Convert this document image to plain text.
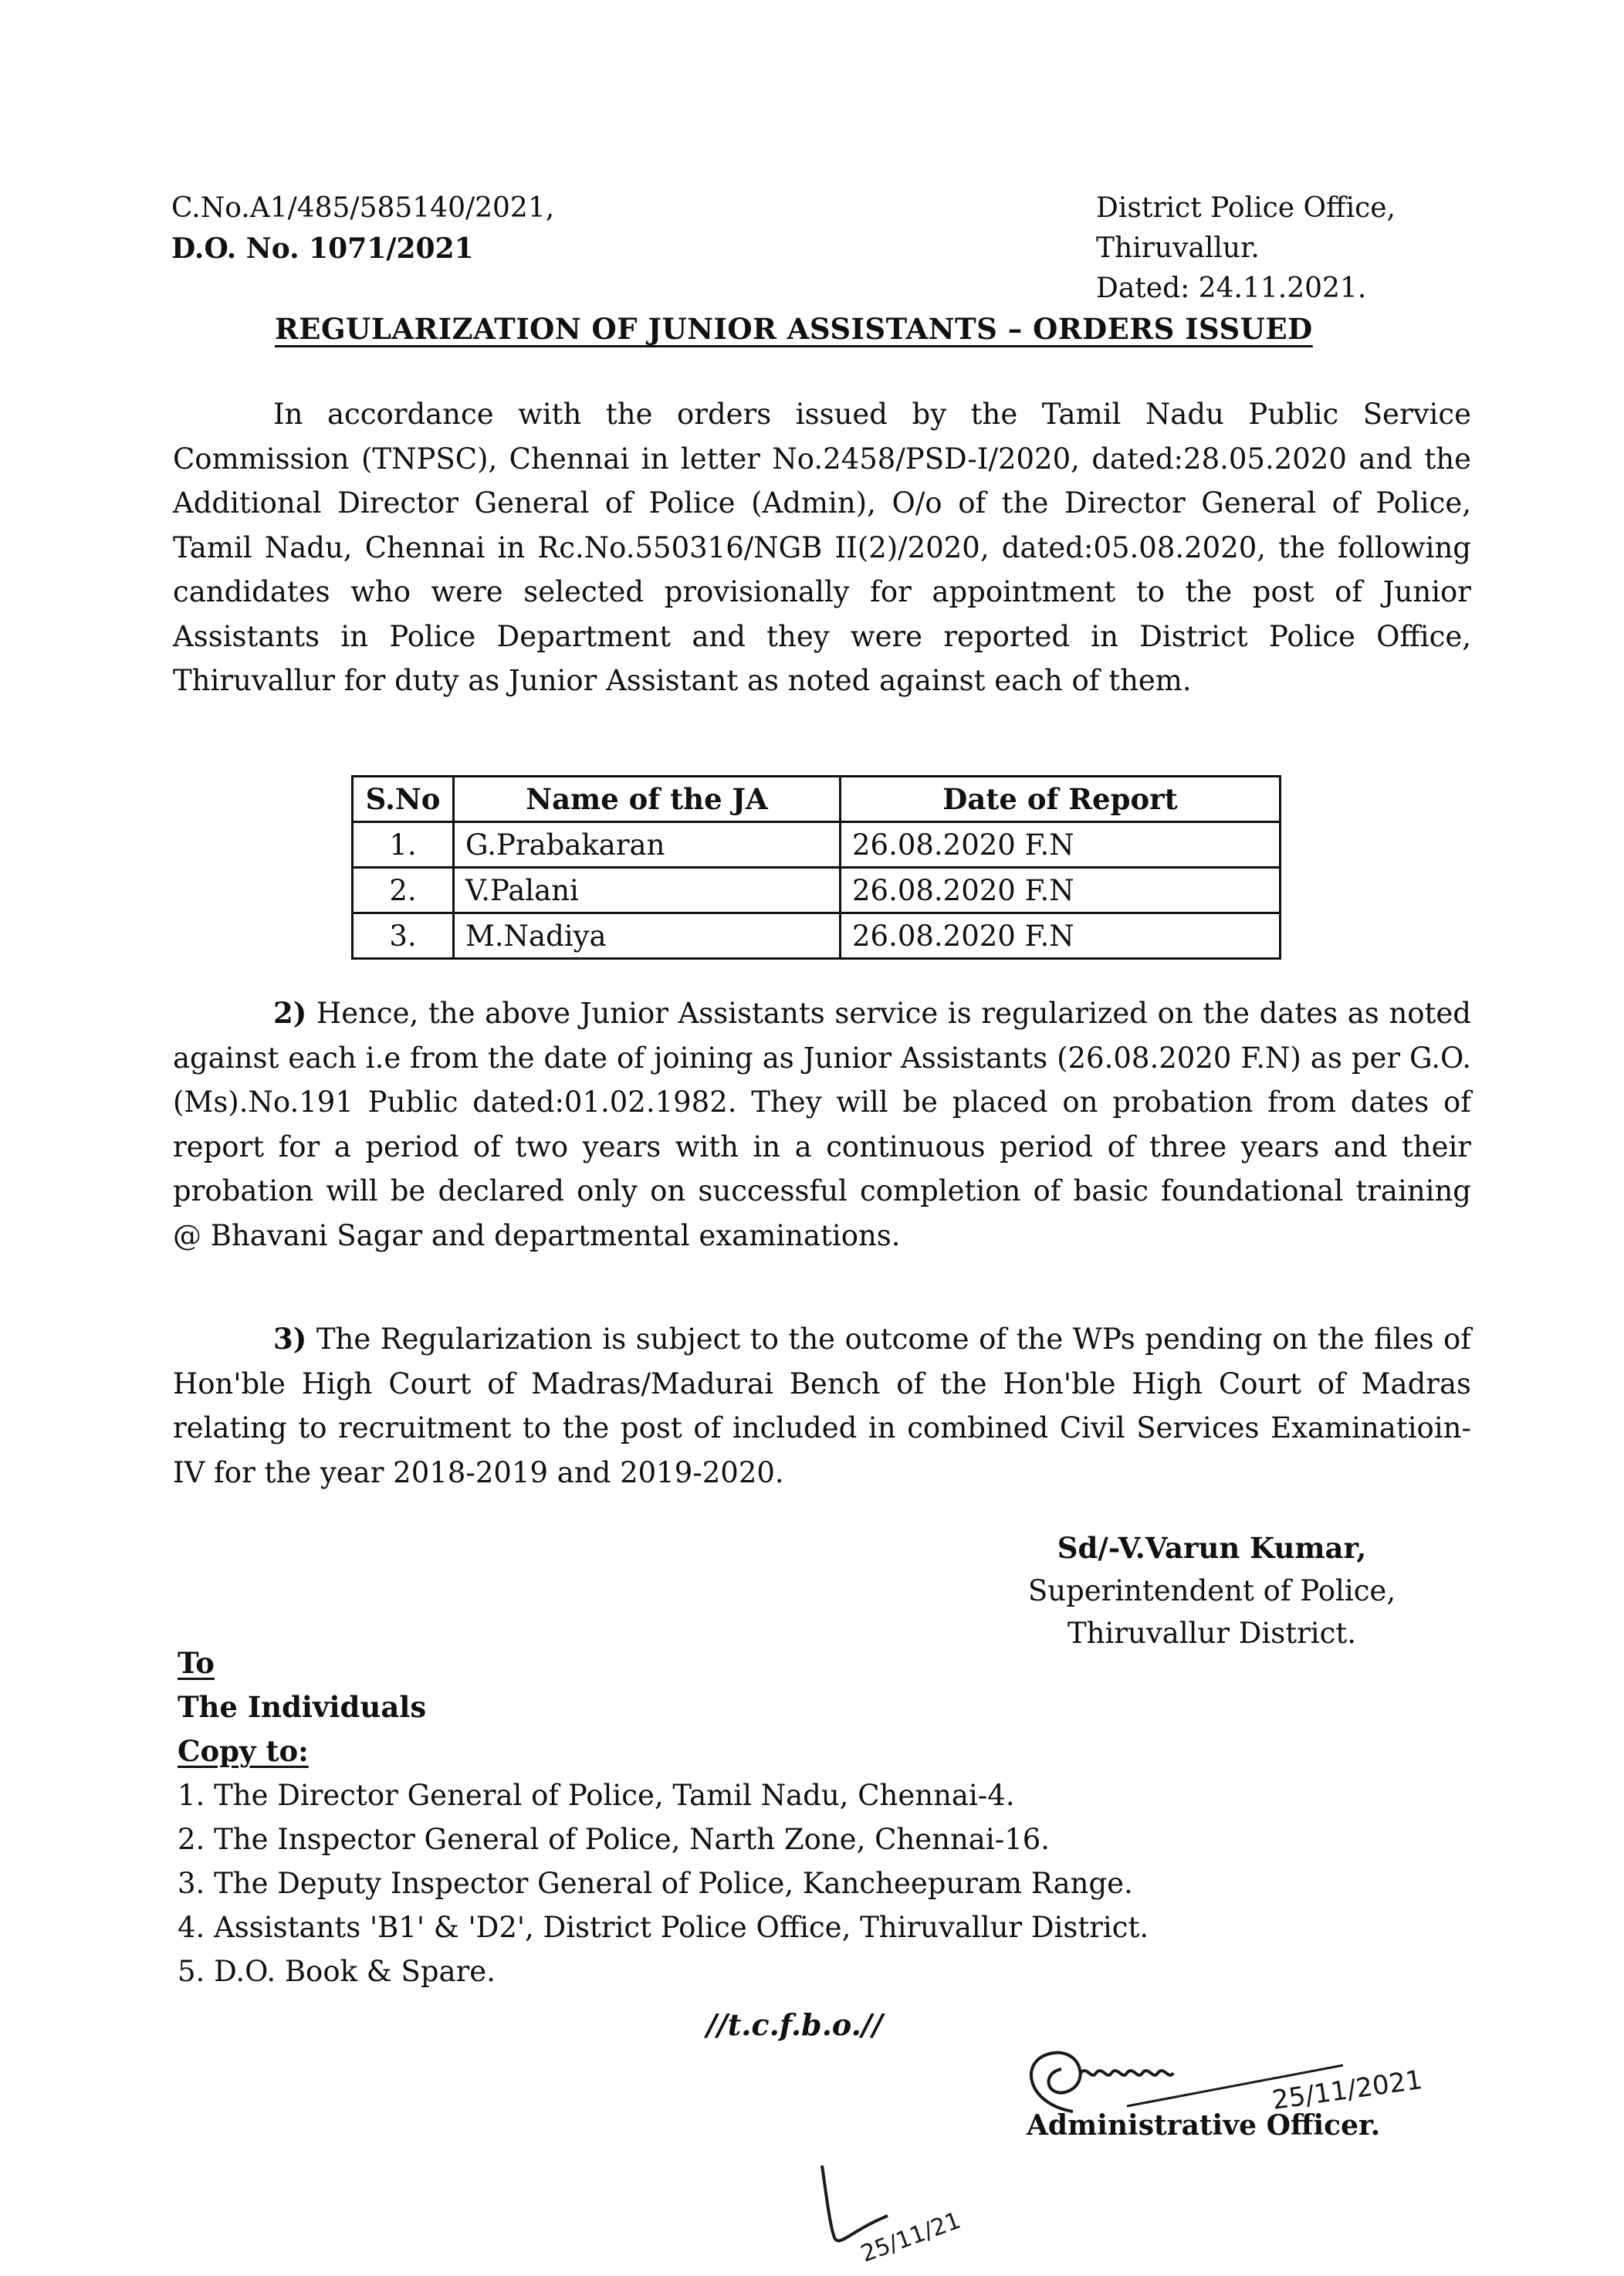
C.No.A1/485/585140/2021,
D.O. No. 1071/2021
District Police Office,
Thiruvallur.
Dated: 24.11.2021.
REGULARIZATION OF JUNIOR ASSISTANTS – ORDERS ISSUED
In accordance with the orders issued by the Tamil Nadu Public Service Commission (TNPSC), Chennai in letter No.2458/PSD-I/2020, dated:28.05.2020 and the Additional Director General of Police (Admin), O/o of the Director General of Police, Tamil Nadu, Chennai in Rc.No.550316/NGB II(2)/2020, dated:05.08.2020, the following candidates who were selected provisionally for appointment to the post of Junior Assistants in Police Department and they were reported in District Police Office, Thiruvallur for duty as Junior Assistant as noted against each of them.
S.No	Name of the JA	Date of Report
1.	G.Prabakaran	26.08.2020 F.N
2.	V.Palani	26.08.2020 F.N
3.	M.Nadiya	26.08.2020 F.N
2) Hence, the above Junior Assistants service is regularized on the dates as noted against each i.e from the date of joining as Junior Assistants (26.08.2020 F.N) as per G.O.(Ms).No.191 Public dated:01.02.1982. They will be placed on probation from dates of report for a period of two years with in a continuous period of three years and their probation will be declared only on successful completion of basic foundational training @ Bhavani Sagar and departmental examinations.
3) The Regularization is subject to the outcome of the WPs pending on the files of Hon'ble High Court of Madras/Madurai Bench of the Hon'ble High Court of Madras relating to recruitment to the post of included in combined Civil Services Examinatioin-IV for the year 2018-2019 and 2019-2020.
Sd/-V.Varun Kumar,
Superintendent of Police,
Thiruvallur District.
To
The Individuals
Copy to:
1. The Director General of Police, Tamil Nadu, Chennai-4.
2. The Inspector General of Police, Narth Zone, Chennai-16.
3. The Deputy Inspector General of Police, Kancheepuram Range.
4. Assistants 'B1' & 'D2', District Police Office, Thiruvallur District.
5. D.O. Book & Spare.
//t.c.f.b.o.//
25/11/2021
Administrative Officer.
25/11/21
